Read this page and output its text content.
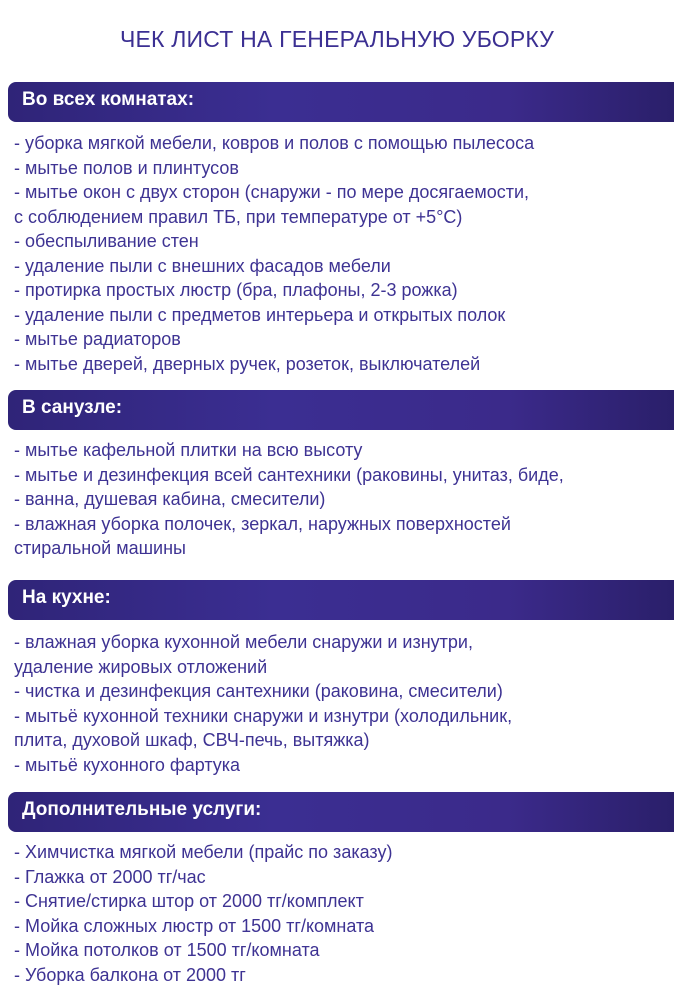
ЧЕК ЛИСТ НА ГЕНЕРАЛЬНУЮ УБОРКУ
Во всех комнатах:
- уборка мягкой мебели, ковров и полов с помощью пылесоса
- мытье полов и плинтусов
- мытье окон с двух сторон (снаружи - по мере досягаемости,
с соблюдением правил ТБ, при температуре от +5°С)
- обеспыливание стен
- удаление пыли с внешних фасадов мебели
- протирка простых люстр (бра, плафоны, 2-3 рожка)
- удаление пыли с предметов интерьера и открытых полок
- мытье радиаторов
- мытье дверей, дверных ручек, розеток, выключателей
В санузле:
- мытье кафельной плитки на всю высоту
- мытье и дезинфекция всей сантехники (раковины, унитаз, биде,
- ванна, душевая кабина, смесители)
- влажная уборка полочек, зеркал, наружных поверхностей
стиральной машины
На кухне:
- влажная уборка кухонной мебели снаружи и изнутри,
удаление жировых отложений
- чистка и дезинфекция сантехники (раковина, смесители)
- мытьё кухонной техники снаружи и изнутри (холодильник,
плита, духовой шкаф, СВЧ-печь, вытяжка)
- мытьё кухонного фартука
Дополнительные услуги:
- Химчистка мягкой мебели (прайс по заказу)
- Глажка от 2000 тг/час
- Снятие/стирка штор от 2000 тг/комплект
- Мойка сложных люстр от 1500 тг/комната
- Мойка потолков от 1500 тг/комната
- Уборка балкона от 2000 тг
